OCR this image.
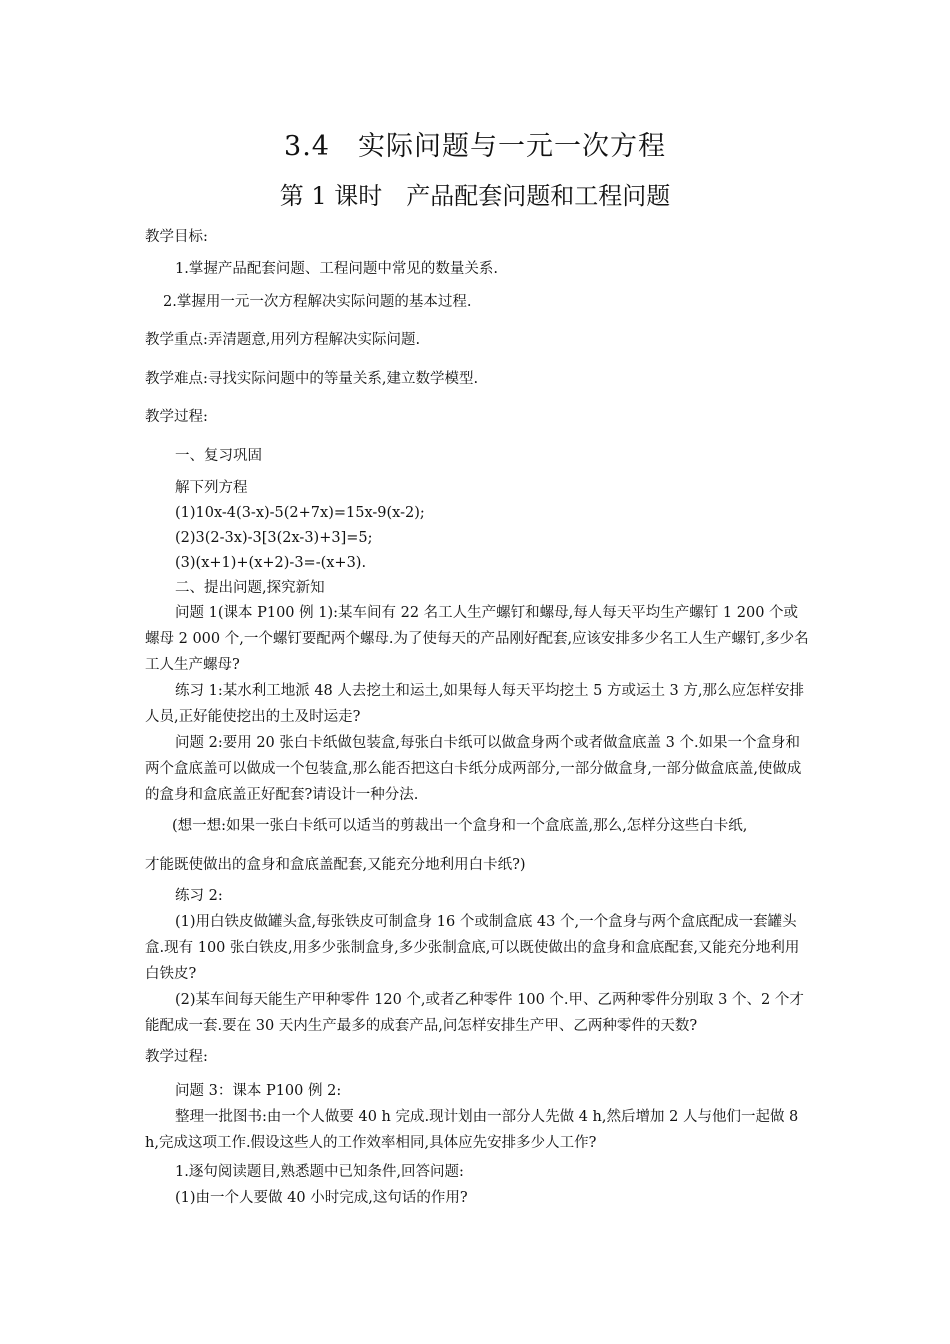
3.4　实际问题与一元一次方程
第 1 课时　产品配套问题和工程问题
教学目标:
1.掌握产品配套问题、工程问题中常见的数量关系.
2.掌握用一元一次方程解决实际问题的基本过程.
教学重点:弄清题意,用列方程解决实际问题.
教学难点:寻找实际问题中的等量关系,建立数学模型.
教学过程:
一、复习巩固
解下列方程
(1)10x-4(3-x)-5(2+7x)=15x-9(x-2);
(2)3(2-3x)-3[3(2x-3)+3]=5;
(3)(x+1)+(x+2)-3=-(x+3).
二、提出问题,探究新知
问题 1(课本 P100 例 1):某车间有 22 名工人生产螺钉和螺母,每人每天平均生产螺钉 1 200 个或螺母 2 000 个,一个螺钉要配两个螺母.为了使每天的产品刚好配套,应该安排多少名工人生产螺钉,多少名工人生产螺母?
练习 1:某水利工地派 48 人去挖土和运土,如果每人每天平均挖土 5 方或运土 3 方,那么应怎样安排人员,正好能使挖出的土及时运走?
问题 2:要用 20 张白卡纸做包装盒,每张白卡纸可以做盒身两个或者做盒底盖 3 个.如果一个盒身和两个盒底盖可以做成一个包装盒,那么能否把这白卡纸分成两部分,一部分做盒身,一部分做盒底盖,使做成的盒身和盒底盖正好配套?请设计一种分法.
(想一想:如果一张白卡纸可以适当的剪裁出一个盒身和一个盒底盖,那么,怎样分这些白卡纸,
才能既使做出的盒身和盒底盖配套,又能充分地利用白卡纸?)
练习 2:
(1)用白铁皮做罐头盒,每张铁皮可制盒身 16 个或制盒底 43 个,一个盒身与两个盒底配成一套罐头盒.现有 100 张白铁皮,用多少张制盒身,多少张制盒底,可以既使做出的盒身和盒底配套,又能充分地利用白铁皮?
(2)某车间每天能生产甲种零件 120 个,或者乙种零件 100 个.甲、乙两种零件分别取 3 个、2 个才能配成一套.要在 30 天内生产最多的成套产品,问怎样安排生产甲、乙两种零件的天数?
教学过程:
问题 3：课本 P100 例 2:
整理一批图书:由一个人做要 40 h 完成.现计划由一部分人先做 4 h,然后增加 2 人与他们一起做 8 h,完成这项工作.假设这些人的工作效率相同,具体应先安排多少人工作?
1.逐句阅读题目,熟悉题中已知条件,回答问题:
(1)由一个人要做 40 小时完成,这句话的作用?
